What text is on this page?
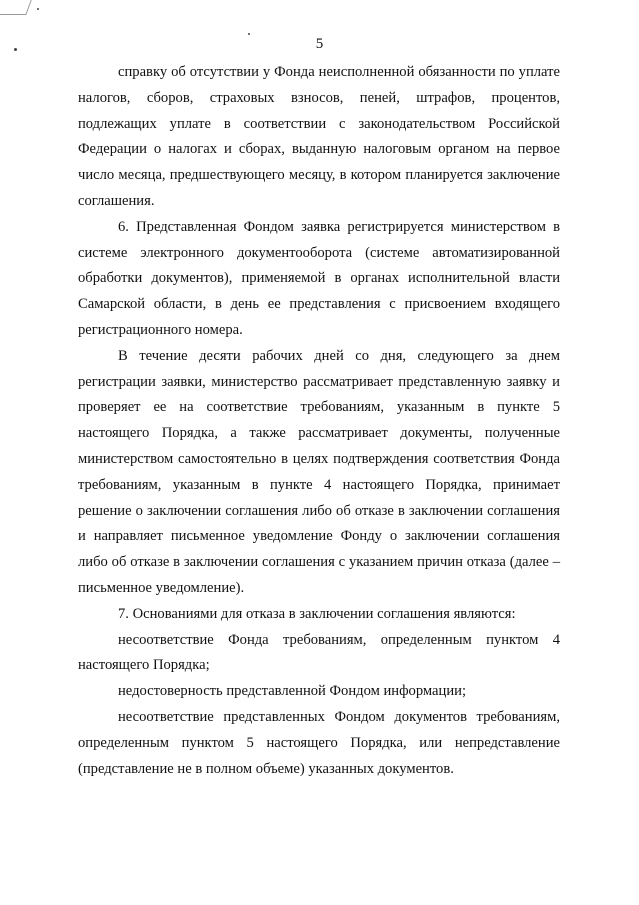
5

справку об отсутствии у Фонда неисполненной обязанности по уплате налогов, сборов, страховых взносов, пеней, штрафов, процентов, подлежащих уплате в соответствии с законодательством Российской Федерации о налогах и сборах, выданную налоговым органом на первое число месяца, предшествующего месяцу, в котором планируется заключение соглашения.

6. Представленная Фондом заявка регистрируется министерством в системе электронного документооборота (системе автоматизированной обработки документов), применяемой в органах исполнительной власти Самарской области, в день ее представления с присвоением входящего регистрационного номера.

В течение десяти рабочих дней со дня, следующего за днем регистрации заявки, министерство рассматривает представленную заявку и проверяет ее на соответствие требованиям, указанным в пункте 5 настоящего Порядка, а также рассматривает документы, полученные министерством самостоятельно в целях подтверждения соответствия Фонда требованиям, указанным в пункте 4 настоящего Порядка, принимает решение о заключении соглашения либо об отказе в заключении соглашения и направляет письменное уведомление Фонду о заключении соглашения либо об отказе в заключении соглашения с указанием причин отказа (далее – письменное уведомление).

7. Основаниями для отказа в заключении соглашения являются:

несоответствие Фонда требованиям, определенным пунктом 4 настоящего Порядка;

недостоверность представленной Фондом информации;

несоответствие представленных Фондом документов требованиям, определенным пунктом 5 настоящего Порядка, или непредставление (представление не в полном объеме) указанных документов.
